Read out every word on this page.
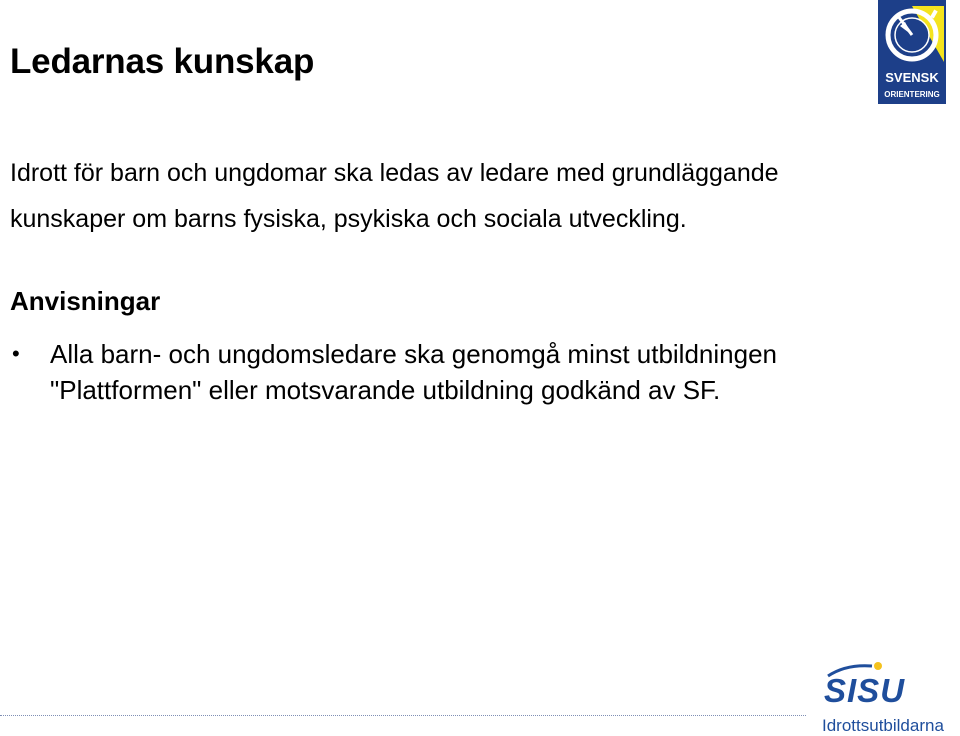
Ledarnas kunskap

Idrott för barn och ungdomar ska ledas av ledare med grundläggande

kunskaper om barns fysiska, psykiska och sociala utveckling.

Anvisningar
• Alla barn- och ungdomsledare ska genomgå minst utbildningen
"Plattformen" eller motsvarande utbildning godkänd av SF.
SVENSK
ORIENTERING
SISU
Idrottsutbildarna
